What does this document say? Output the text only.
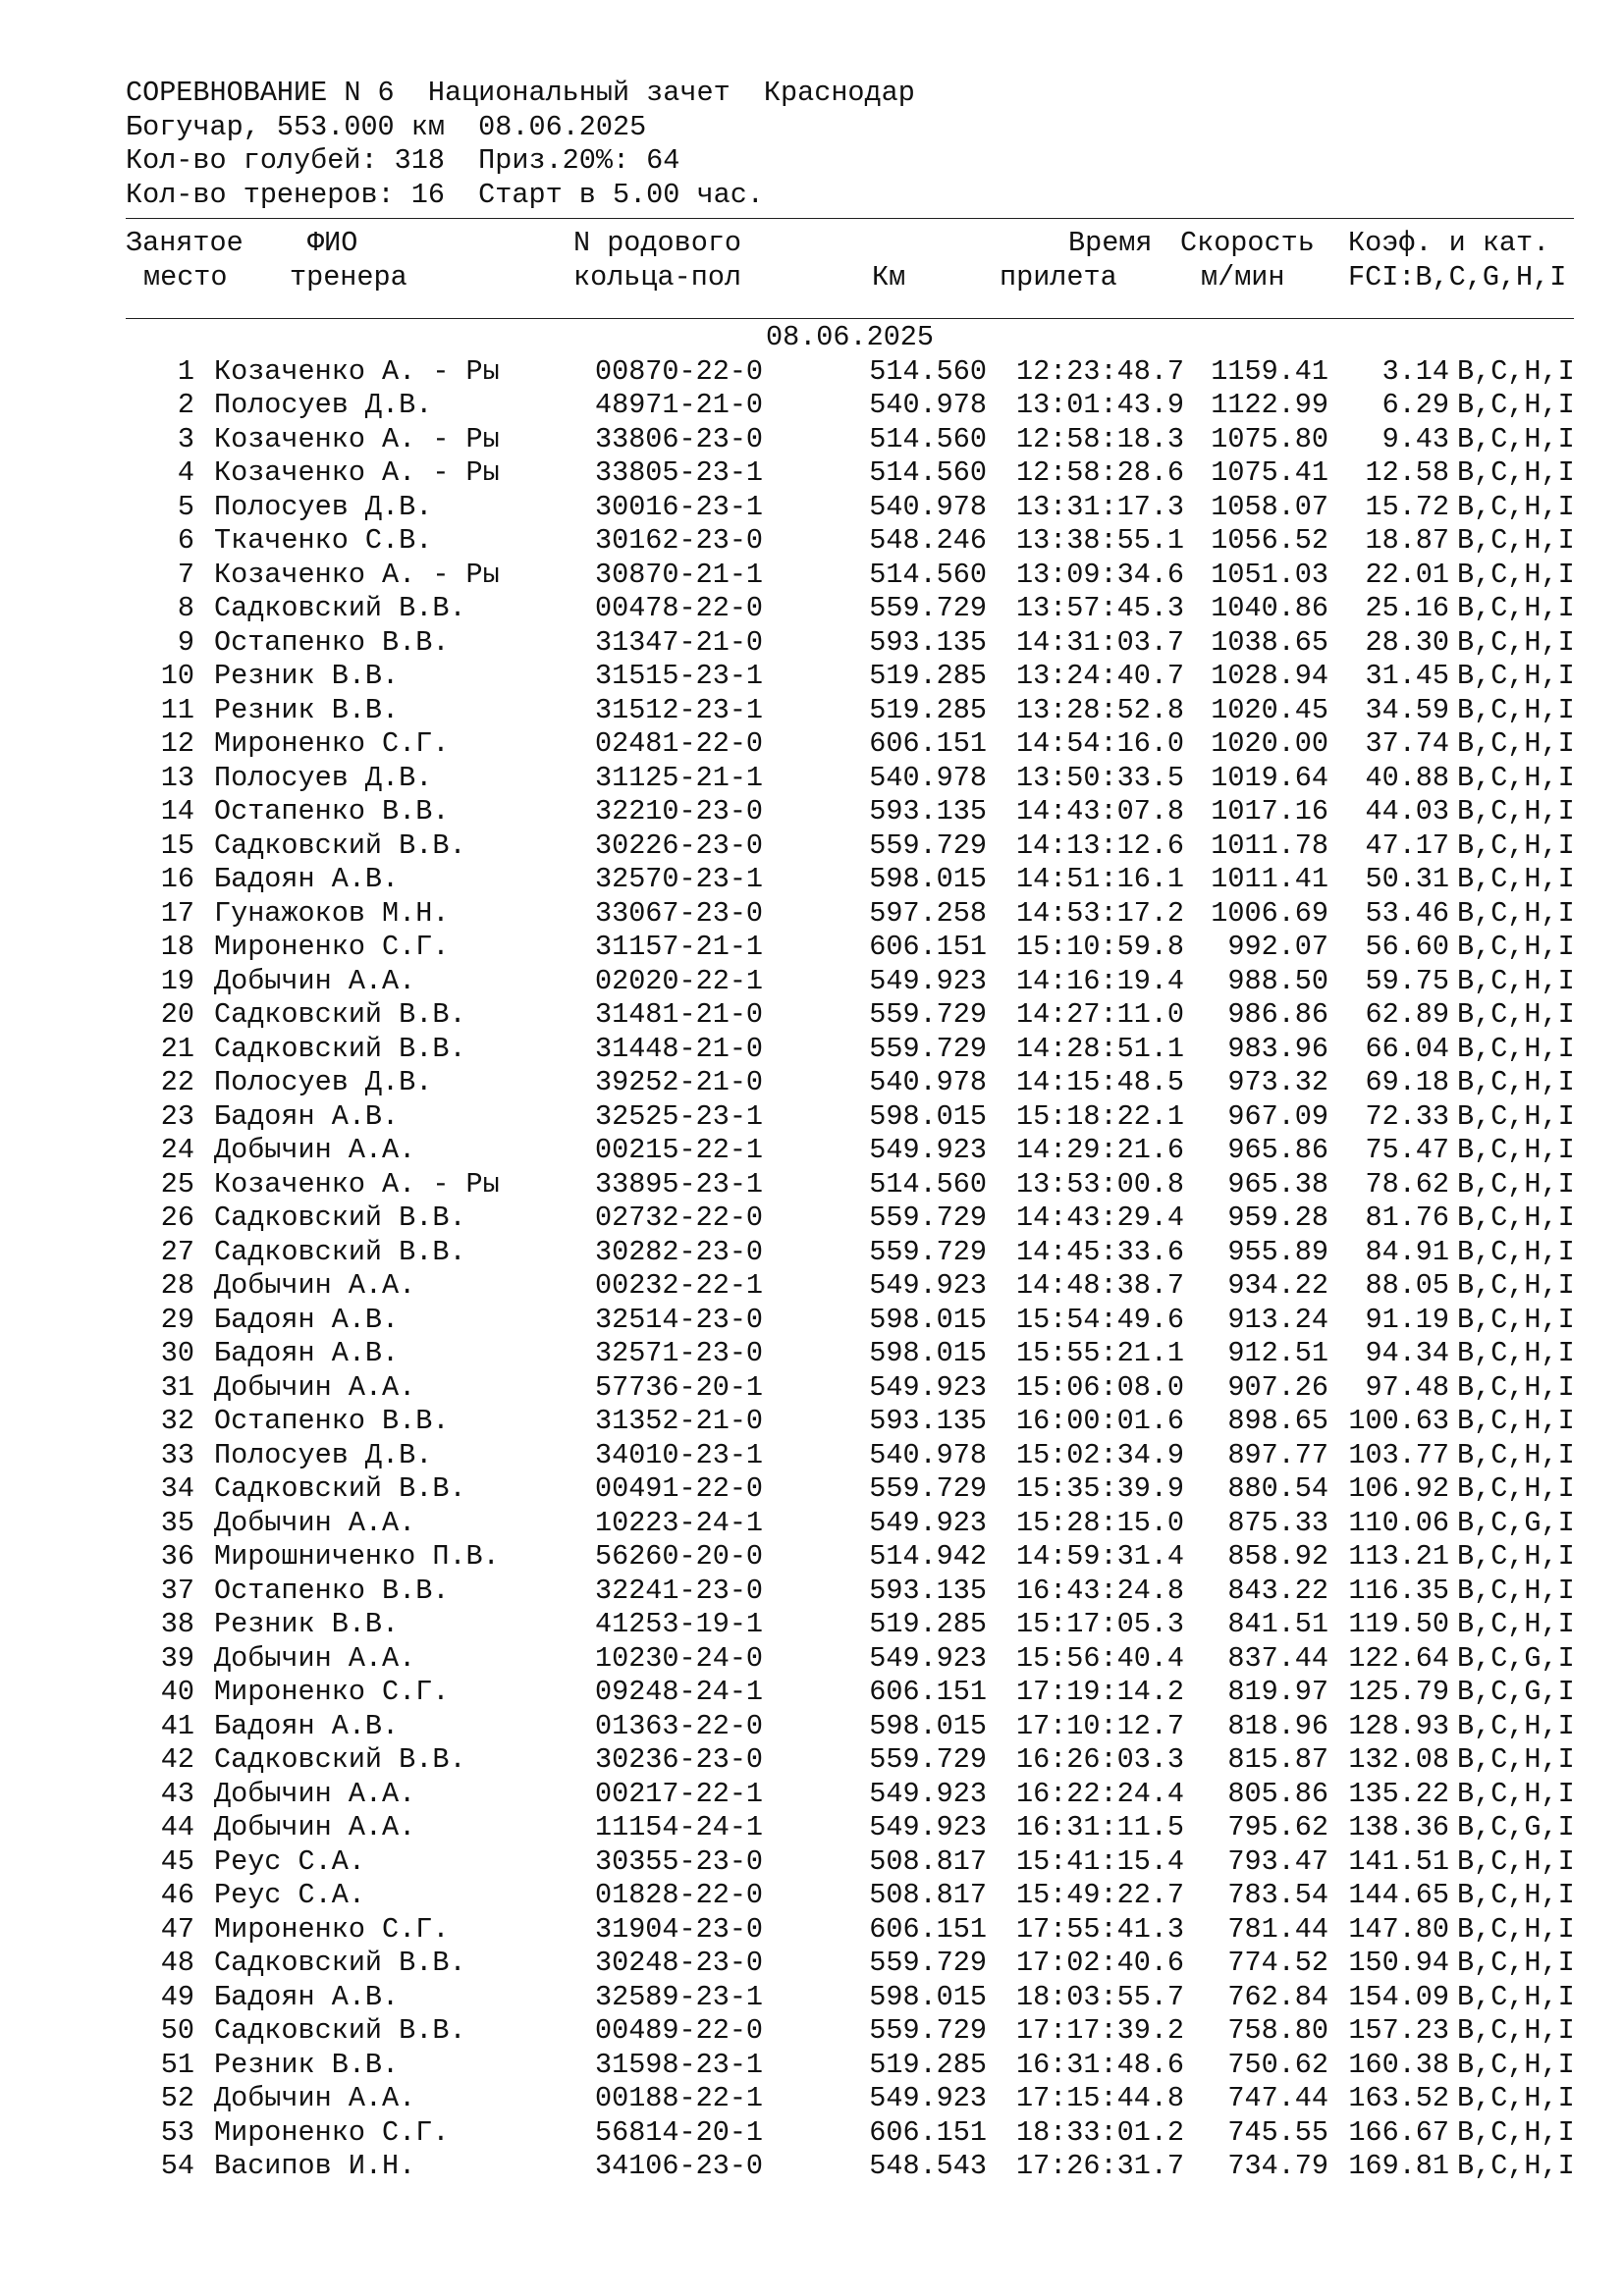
СОРЕВНОВАНИЕ N 6  Национальный зачет  Краснодар
Богучар, 553.000 км  08.06.2025
Кол-во голубей: 318  Приз.20%: 64
Кол-во тренеров: 16  Старт в 5.00 час.
Занятое ФИО	N родового	Время Скорость Коэф. и кат.
место тренера	кольца-пол	Км	прилета	м/мин FCI:B,C,G,H,I
08.06.2025
1 Козаченко А. - Ры	00870-22-0	514.560	12:23:48.7 1159.41	3.14 B,C,H,I
2 Полосуев Д.В.	48971-21-0	540.978	13:01:43.9 1122.99	6.29 B,C,H,I
3 Козаченко А. - Ры	33806-23-0	514.560	12:58:18.3 1075.80	9.43 B,C,H,I
4 Козаченко А. - Ры	33805-23-1	514.560	12:58:28.6 1075.41	12.58 B,C,H,I
5 Полосуев Д.В.	30016-23-1	540.978	13:31:17.3 1058.07	15.72 B,C,H,I
6 Ткаченко С.В.	30162-23-0	548.246	13:38:55.1 1056.52	18.87 B,C,H,I
7 Козаченко А. - Ры	30870-21-1	514.560	13:09:34.6 1051.03	22.01 B,C,H,I
8 Садковский В.В.	00478-22-0	559.729	13:57:45.3 1040.86	25.16 B,C,H,I
9 Остапенко В.В.	31347-21-0	593.135	14:31:03.7 1038.65	28.30 B,C,H,I
10 Резник В.В.	31515-23-1	519.285	13:24:40.7 1028.94	31.45 B,C,H,I
11 Резник В.В.	31512-23-1	519.285	13:28:52.8 1020.45	34.59 B,C,H,I
12 Мироненко С.Г.	02481-22-0	606.151	14:54:16.0 1020.00	37.74 B,C,H,I
13 Полосуев Д.В.	31125-21-1	540.978	13:50:33.5 1019.64	40.88 B,C,H,I
14 Остапенко В.В.	32210-23-0	593.135	14:43:07.8 1017.16	44.03 B,C,H,I
15 Садковский В.В.	30226-23-0	559.729	14:13:12.6 1011.78	47.17 B,C,H,I
16 Бадоян А.В.	32570-23-1	598.015	14:51:16.1 1011.41	50.31 B,C,H,I
17 Гунажоков М.Н.	33067-23-0	597.258	14:53:17.2 1006.69	53.46 B,C,H,I
18 Мироненко С.Г.	31157-21-1	606.151	15:10:59.8	992.07	56.60 B,C,H,I
19 Добычин А.А.	02020-22-1	549.923	14:16:19.4	988.50	59.75 B,C,H,I
20 Садковский В.В.	31481-21-0	559.729	14:27:11.0	986.86	62.89 B,C,H,I
21 Садковский В.В.	31448-21-0	559.729	14:28:51.1	983.96	66.04 B,C,H,I
22 Полосуев Д.В.	39252-21-0	540.978	14:15:48.5	973.32	69.18 B,C,H,I
23 Бадоян А.В.	32525-23-1	598.015	15:18:22.1	967.09	72.33 B,C,H,I
24 Добычин А.А.	00215-22-1	549.923	14:29:21.6	965.86	75.47 B,C,H,I
25 Козаченко А. - Ры	33895-23-1	514.560	13:53:00.8	965.38	78.62 B,C,H,I
26 Садковский В.В.	02732-22-0	559.729	14:43:29.4	959.28	81.76 B,C,H,I
27 Садковский В.В.	30282-23-0	559.729	14:45:33.6	955.89	84.91 B,C,H,I
28 Добычин А.А.	00232-22-1	549.923	14:48:38.7	934.22	88.05 B,C,H,I
29 Бадоян А.В.	32514-23-0	598.015	15:54:49.6	913.24	91.19 B,C,H,I
30 Бадоян А.В.	32571-23-0	598.015	15:55:21.1	912.51	94.34 B,C,H,I
31 Добычин А.А.	57736-20-1	549.923	15:06:08.0	907.26	97.48 B,C,H,I
32 Остапенко В.В.	31352-21-0	593.135	16:00:01.6	898.65 100.63 B,C,H,I
33 Полосуев Д.В.	34010-23-1	540.978	15:02:34.9	897.77 103.77 B,C,H,I
34 Садковский В.В.	00491-22-0	559.729	15:35:39.9	880.54 106.92 B,C,H,I
35 Добычин А.А.	10223-24-1	549.923	15:28:15.0	875.33 110.06 B,C,G,I
36 Мирошниченко П.В.	56260-20-0	514.942	14:59:31.4	858.92 113.21 B,C,H,I
37 Остапенко В.В.	32241-23-0	593.135	16:43:24.8	843.22 116.35 B,C,H,I
38 Резник В.В.	41253-19-1	519.285	15:17:05.3	841.51 119.50 B,C,H,I
39 Добычин А.А.	10230-24-0	549.923	15:56:40.4	837.44 122.64 B,C,G,I
40 Мироненко С.Г.	09248-24-1	606.151	17:19:14.2	819.97 125.79 B,C,G,I
41 Бадоян А.В.	01363-22-0	598.015	17:10:12.7	818.96 128.93 B,C,H,I
42 Садковский В.В.	30236-23-0	559.729	16:26:03.3	815.87 132.08 B,C,H,I
43 Добычин А.А.	00217-22-1	549.923	16:22:24.4	805.86 135.22 B,C,H,I
44 Добычин А.А.	11154-24-1	549.923	16:31:11.5	795.62 138.36 B,C,G,I
45 Реус С.А.	30355-23-0	508.817	15:41:15.4	793.47 141.51 B,C,H,I
46 Реус С.А.	01828-22-0	508.817	15:49:22.7	783.54 144.65 B,C,H,I
47 Мироненко С.Г.	31904-23-0	606.151	17:55:41.3	781.44 147.80 B,C,H,I
48 Садковский В.В.	30248-23-0	559.729	17:02:40.6	774.52 150.94 B,C,H,I
49 Бадоян А.В.	32589-23-1	598.015	18:03:55.7	762.84 154.09 B,C,H,I
50 Садковский В.В.	00489-22-0	559.729	17:17:39.2	758.80 157.23 B,C,H,I
51 Резник В.В.	31598-23-1	519.285	16:31:48.6	750.62 160.38 B,C,H,I
52 Добычин А.А.	00188-22-1	549.923	17:15:44.8	747.44 163.52 B,C,H,I
53 Мироненко С.Г.	56814-20-1	606.151	18:33:01.2	745.55 166.67 B,C,H,I
54 Васипов И.Н.	34106-23-0	548.543	17:26:31.7	734.79 169.81 B,C,H,I
